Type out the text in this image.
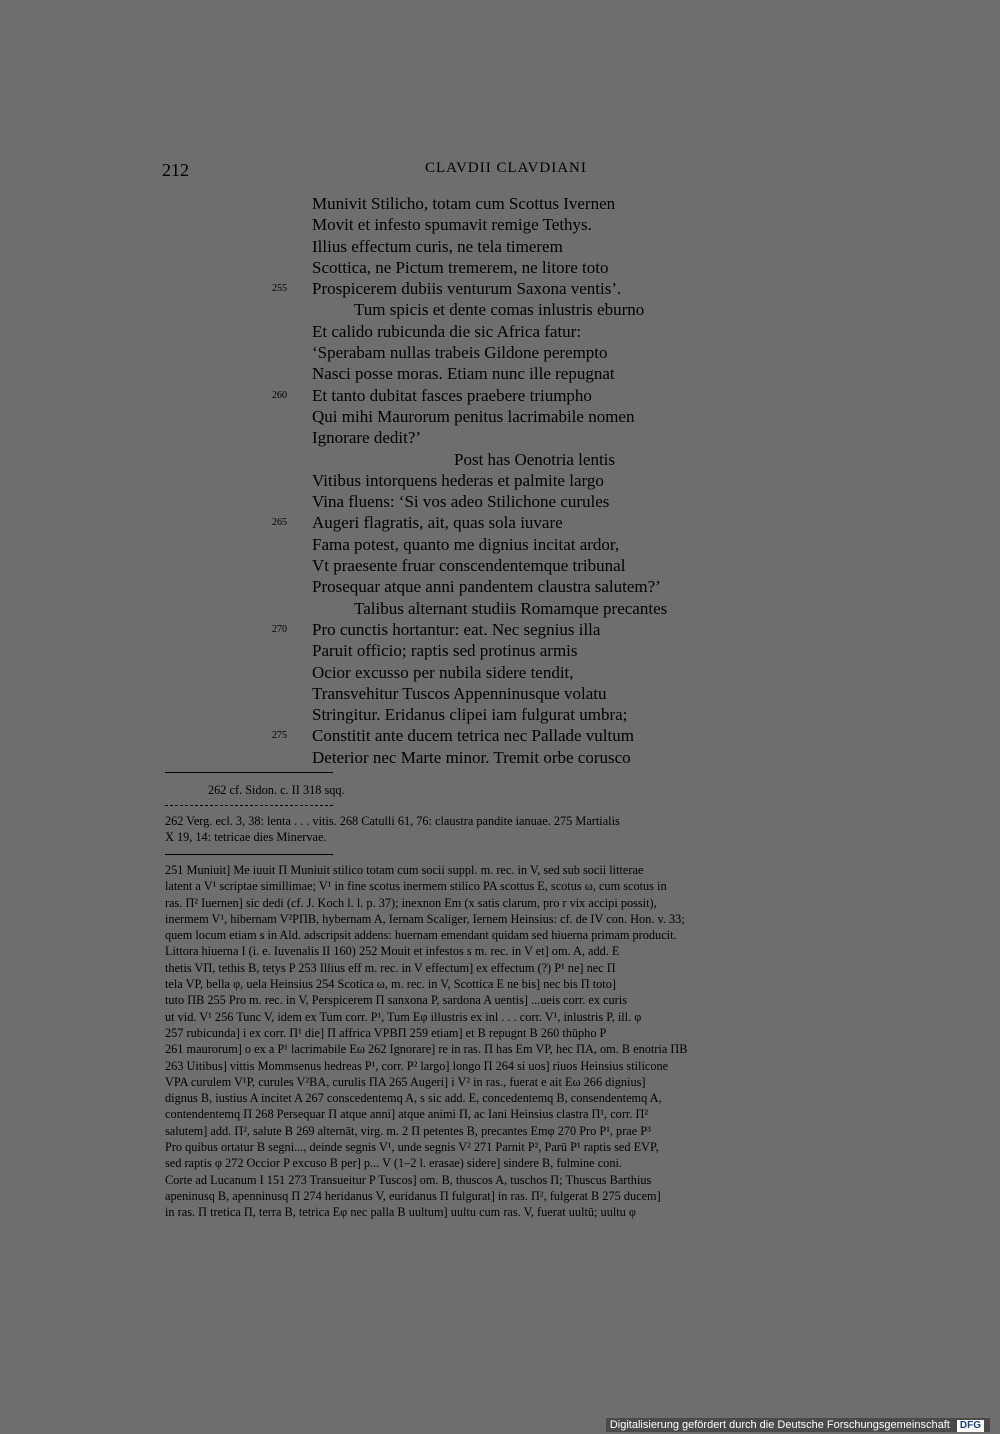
212	CLAVDII CLAVDIANI
Munivit Stilicho, totam cum Scottus Ivernen
Movit et infesto spumavit remige Tethys.
Illius effectum curis, ne tela timerem
Scottica, ne Pictum tremerem, ne litore toto
255 Prospicerem dubiis venturum Saxona ventis’.
Tum spicis et dente comas inlustris eburno
Et calido rubicunda die sic Africa fatur:
‘Sperabam nullas trabeis Gildone perempto
Nasci posse moras. Etiam nunc ille repugnat
260 Et tanto dubitat fasces praebere triumpho
Qui mihi Maurorum penitus lacrimabile nomen
Ignorare dedit?’
Post has Oenotria lentis
Vitibus intorquens hederas et palmite largo
Vina fluens: ‘Si vos adeo Stilichone curules
265 Augeri flagratis, ait, quas sola iuvare
Fama potest, quanto me dignius incitat ardor,
Vt praesente fruar conscendentemque tribunal
Prosequar atque anni pandentem claustra salutem?’
Talibus alternant studiis Romamque precantes
270 Pro cunctis hortantur: eat. Nec segnius illa
Paruit officio; raptis sed protinus armis
Ocior excusso per nubila sidere tendit,
Transvehitur Tuscos Appenninusque volatu
Stringitur. Eridanus clipei iam fulgurat umbra;
275 Constitit ante ducem tetrica nec Pallade vultum
Deterior nec Marte minor. Tremit orbe corusco
262 cf. Sidon. c. II 318 sqq.
262 Verg. ecl. 3, 38: lenta . . . vitis. 268 Catulli 61, 76: claustra pandite ianuae. 275 Martialis
X 19, 14: tetricae dies Minervae.
251 Muniuit] Me iuuit Π Muniuit stilico totam cum socii suppl. m. rec. in V, sed sub socii litterae
latent a V¹ scriptae simillimae; V¹ in fine scotus inermem stilico PA scottus E, scotus ω, cum scotus in
ras. Π² Iuernen] sic dedi (cf. J. Koch l. l. p. 37); inexnon Em (x satis clarum, pro r vix accipi possit),
inermem V¹, hibernam V²PΠB, hybernam A, Iernam Scaliger, Iernem Heinsius: cf. de IV con. Hon. v. 33;
quem locum etiam s in Ald. adscripsit addens: huernam emendant quidam sed hiuerna primam producit.
Littora hiuerna I (i. e. Iuvenalis II 160) 252 Mouit et infestos s m. rec. in V et] om. A, add. E
thetis VΠ, tethis B, tetys P 253 Illius eff m. rec. in V effectum] ex effectum (?) P¹ ne] nec Π
tela VP, bella φ, uela Heinsius 254 Scotica ω, m. rec. in V, Scottica E ne bis] nec bis Π toto]
tuto ΠB 255 Pro m. rec. in V, Perspicerem Π sanxona P, sardona A uentis] ...ueis corr. ex curis
ut vid. V¹ 256 Tunc V, idem ex Tum corr. P¹, Tum Eφ illustris ex inl . . . corr. V¹, inlustris P, ill. φ
257 rubicunda] i ex corr. Π¹ die] Π affrica VPBΠ 259 etiam] et B repugnt B 260 thūpho P
261 maurorum] o ex a P¹ lacrimabile Eω 262 Ignorare] re in ras. Π has Em VP, hec ΠA, om. B enotria ΠB
263 Uitibus] vittis Mommsenus hedreas P¹, corr. P² largo] longo Π 264 si uos] riuos Heinsius stilicone
VPA curulem V¹P, curules V²BA, curulis ΠA 265 Augeri] i V² in ras., fuerat e ait Eω 266 dignius]
dignus B, iustius A incitet A 267 conscedentemq A, s sic add. E, concedentemq B, consendentemq A,
contendentemq Π 268 Persequar Π atque anni] atque animi Π, ac Iani Heinsius clastra Π¹, corr. Π²
salutem] add. Π², salute B 269 alternāt, virg. m. 2 Π petentes B, precantes Emφ 270 Pro P¹, prae P³
Pro quibus ortatur B segni..., deinde segnis V¹, unde segnis V² 271 Parnit P², Parū P¹ raptis sed EVP,
sed raptis φ 272 Occior P excuso B per] p... V (1–2 l. erasae) sidere] sindere B, fulmine coni.
Corte ad Lucanum I 151 273 Transueitur P Tuscos] om. B, thuscos A, tuschos Π; Thuscus Barthius
apeninusq B, apenninusq Π 274 heridanus V, euridanus Π fulgurat] in ras. Π², fulgerat B 275 ducem]
in ras. Π tretica Π, terra B, tetrica Eφ nec palla B uultum] uultu cum ras. V, fuerat uultū; uultu φ
Digitalisierung gefördert durch die Deutsche Forschungsgemeinschaft DFG
